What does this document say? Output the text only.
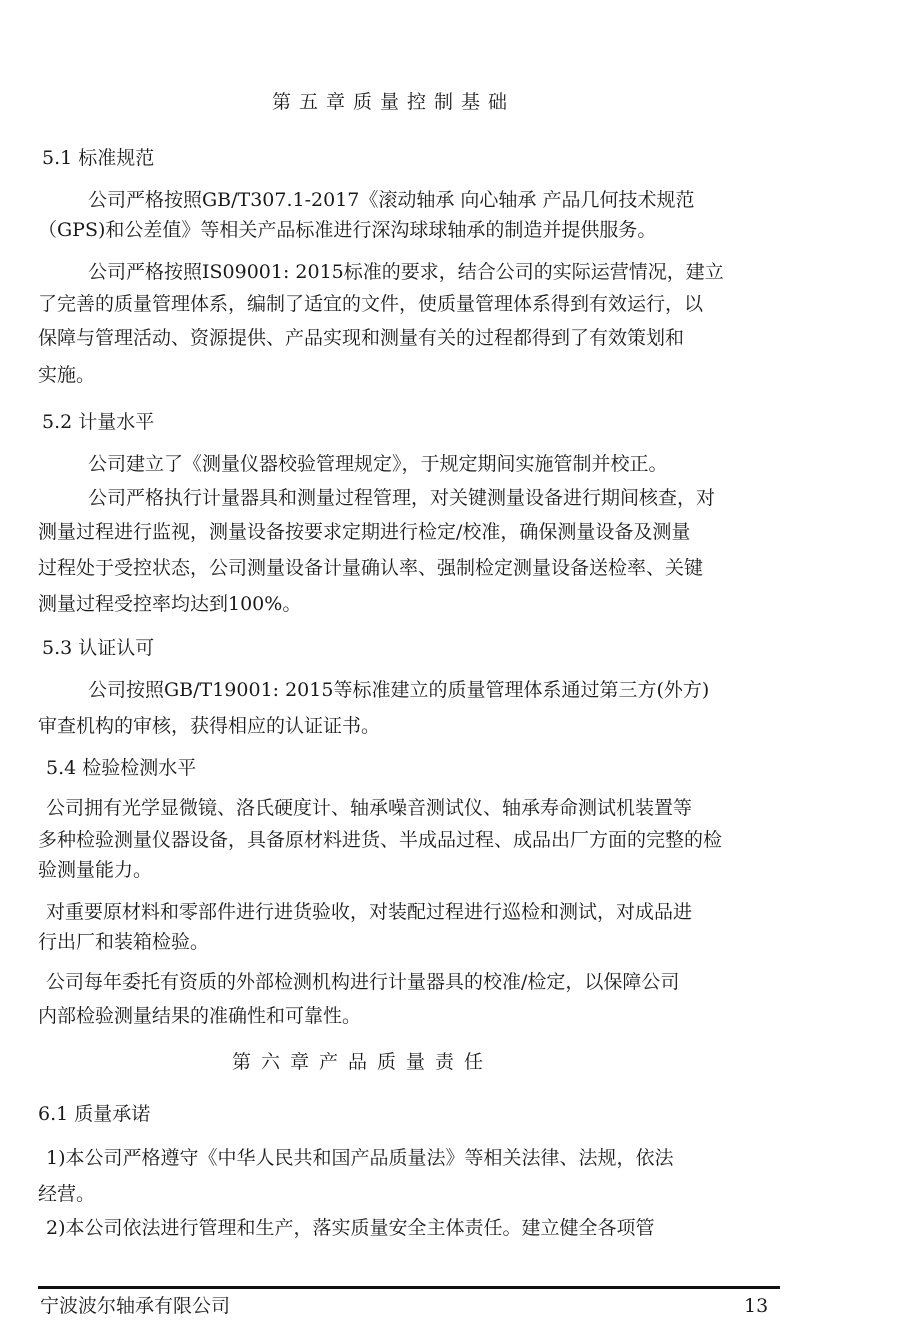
第五章质量控制基础
5.1 标准规范
公司严格按照GB/T307.1-2017《滚动轴承 向心轴承 产品几何技术规范
（GPS)和公差值》等相关产品标准进行深沟球球轴承的制造并提供服务。
公司严格按照IS09001: 2015标准的要求，结合公司的实际运营情况，建立
了完善的质量管理体系，编制了适宜的文件，使质量管理体系得到有效运行，以
保障与管理活动、资源提供、产品实现和测量有关的过程都得到了有效策划和
实施。
5.2 计量水平
公司建立了《测量仪器校验管理规定》，于规定期间实施管制并校正。
公司严格执行计量器具和测量过程管理，对关键测量设备进行期间核查，对
测量过程进行监视，测量设备按要求定期进行检定/校准，确保测量设备及测量
过程处于受控状态，公司测量设备计量确认率、强制检定测量设备送检率、关键
测量过程受控率均达到100%。
5.3 认证认可
公司按照GB/T19001: 2015等标准建立的质量管理体系通过第三方(外方)
审查机构的审核，获得相应的认证证书。
5.4 检验检测水平
公司拥有光学显微镜、洛氏硬度计、轴承噪音测试仪、轴承寿命测试机装置等
多种检验测量仪器设备，具备原材料进货、半成品过程、成品出厂方面的完整的检
验测量能力。
对重要原材料和零部件进行进货验收，对装配过程进行巡检和测试，对成品进
行出厂和装箱检验。
公司每年委托有资质的外部检测机构进行计量器具的校准/检定，以保障公司
内部检验测量结果的准确性和可靠性。
第六章产品质量责任
6.1 质量承诺
1)本公司严格遵守《中华人民共和国产品质量法》等相关法律、法规，依法
经营。
2)本公司依法进行管理和生产，落实质量安全主体责任。建立健全各项管
宁波波尔轴承有限公司	13
